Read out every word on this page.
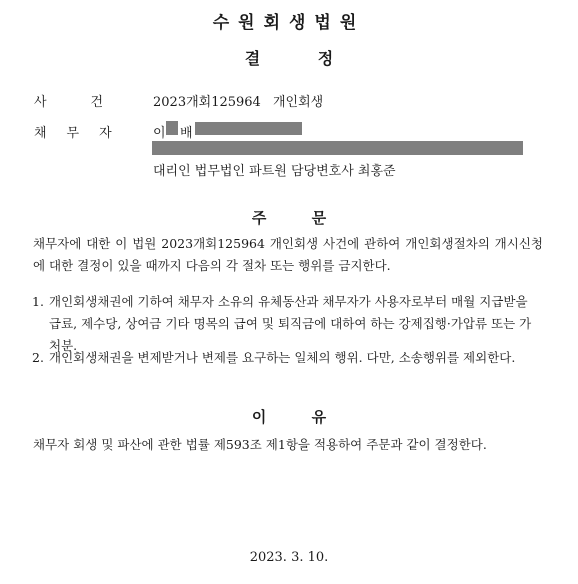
수원회생법원
결 정
사건 2023개회125964 개인회생
채무자 이 배
대리인 법무법인 파트원 담당변호사 최홍준
주 문
채무자에 대한 이 법원 2023개회125964 개인회생 사건에 관하여 개인회생절차의 개시신청에 대한 결정이 있을 때까지 다음의 각 절차 또는 행위를 금지한다.
1. 개인회생채권에 기하여 채무자 소유의 유체동산과 채무자가 사용자로부터 매월 지급받을 급료, 제수당, 상여금 기타 명목의 급여 및 퇴직금에 대하여 하는 강제집행·가압류 또는 가처분.
2. 개인회생채권을 변제받거나 변제를 요구하는 일체의 행위. 다만, 소송행위를 제외한다.
이 유
채무자 회생 및 파산에 관한 법률 제593조 제1항을 적용하여 주문과 같이 결정한다.
2023. 3. 10.
